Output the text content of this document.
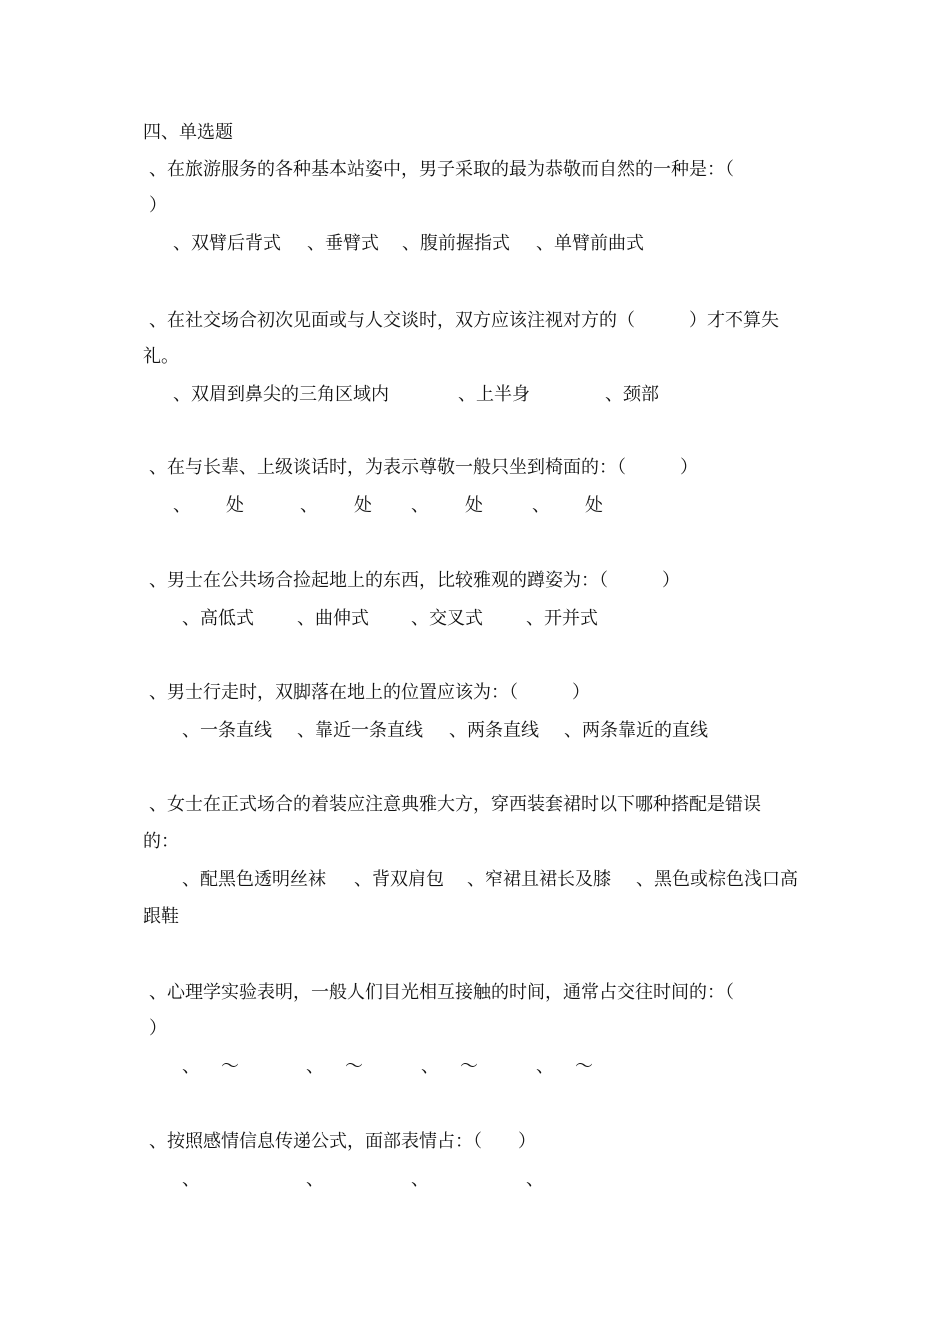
四、单选题
、在旅游服务的各种基本站姿中，男子采取的最为恭敬而自然的一种是：（
）
、双臂后背式 、垂臂式 、腹前握指式 、单臂前曲式
、在社交场合初次见面或与人交谈时，双方应该注视对方的（　　　）才不算失
礼。
、双眉到鼻尖的三角区域内	、上半身	、颈部
、在与长辈、上级谈话时，为表示尊敬一般只坐到椅面的：（　　　）
、 处	、 处 、 处	、 处
、男士在公共场合捡起地上的东西，比较雅观的蹲姿为：（　　　）
、高低式 、曲伸式 、交叉式 、开并式
、男士行走时，双脚落在地上的位置应该为：（　　　）
、一条直线 、靠近一条直线 、两条直线 、两条靠近的直线
、女士在正式场合的着装应注意典雅大方，穿西装套裙时以下哪种搭配是错误
的：
、配黑色透明丝袜 、背双肩包 、窄裙且裙长及膝 、黑色或棕色浅口高
跟鞋
、心理学实验表明，一般人们目光相互接触的时间，通常占交往时间的：（
）
、 ～	、 ～	、 ～	、 ～
、按照感情信息传递公式，面部表情占：（　　）
、	、	、	、
